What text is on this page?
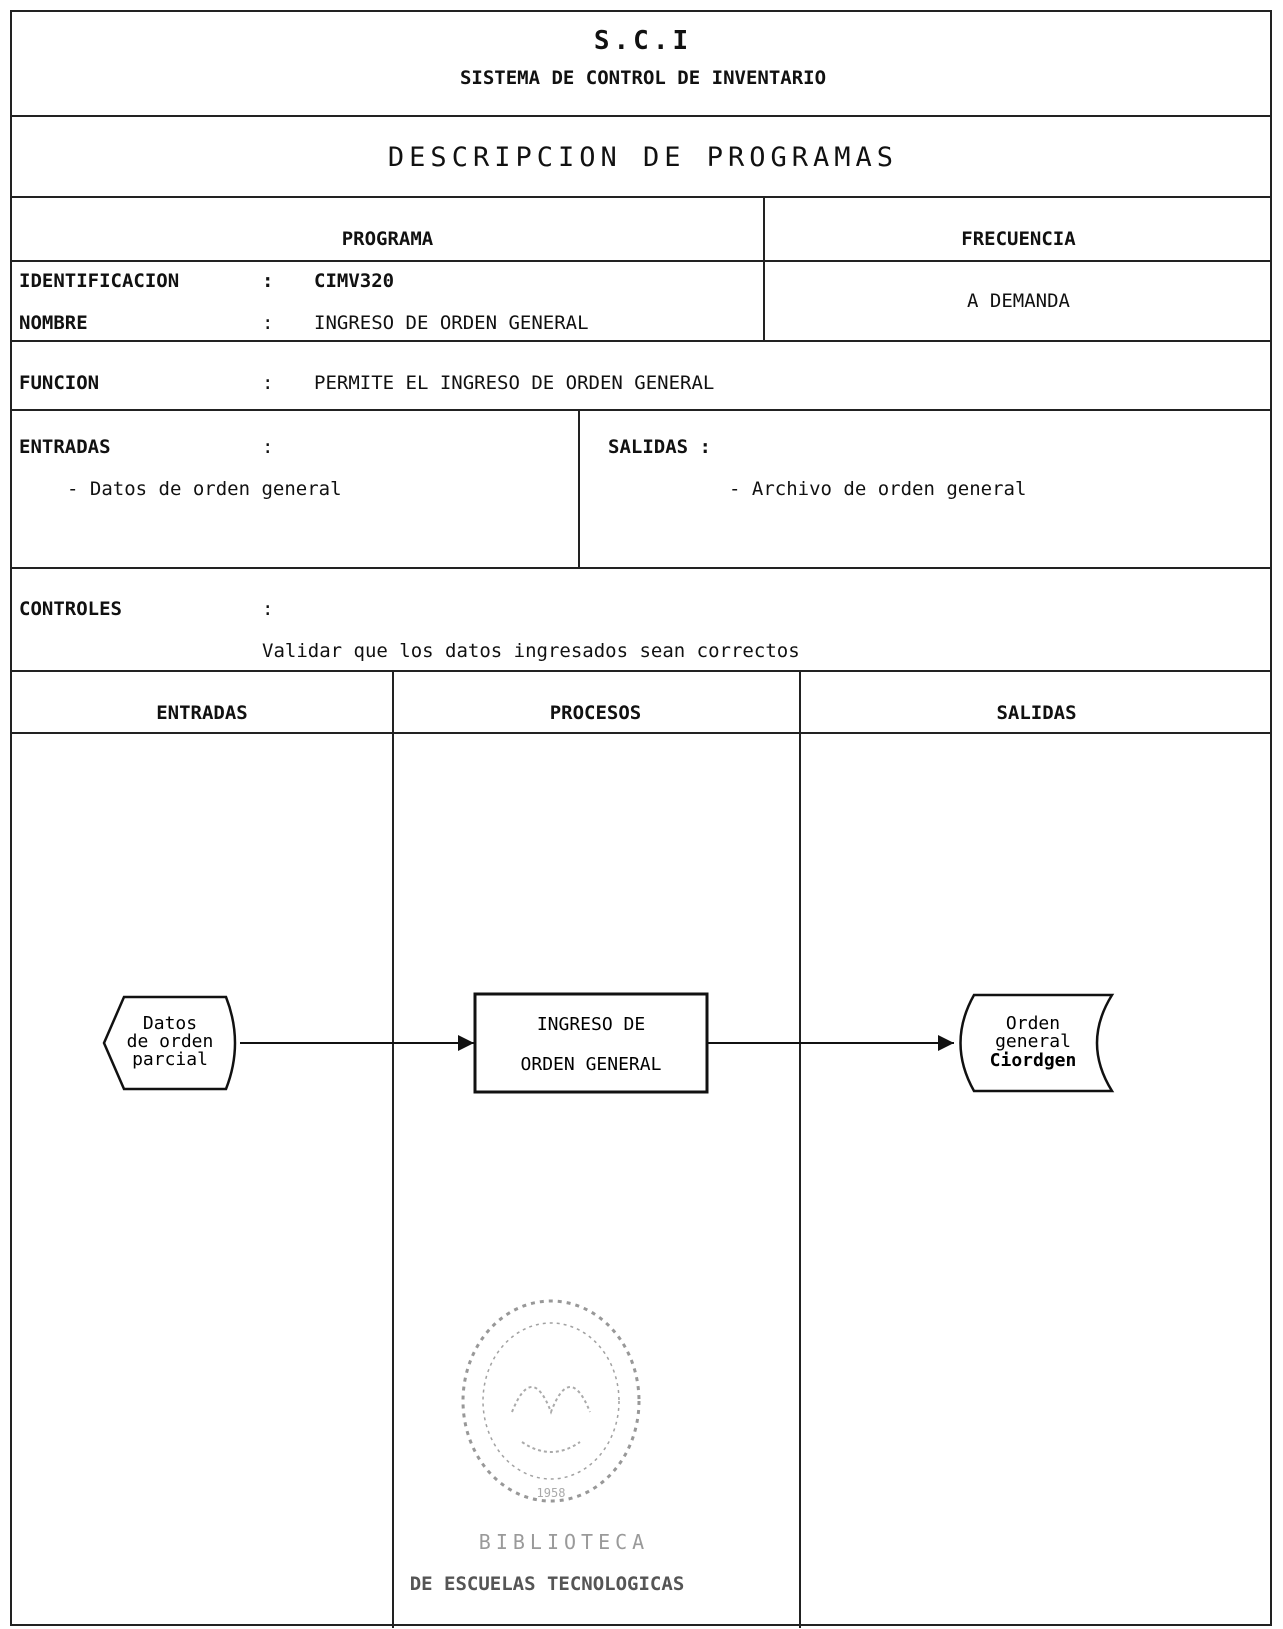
S.C.I
SISTEMA DE CONTROL DE INVENTARIO
DESCRIPCION DE PROGRAMAS
PROGRAMA	FRECUENCIA
IDENTIFICACION	: CIMV320
NOMBRE	: INGRESO DE ORDEN GENERAL
A DEMANDA
FUNCION	: PERMITE EL INGRESO DE ORDEN GENERAL
ENTRADAS	:
- Datos de orden general
SALIDAS :
- Archivo de orden general
CONTROLES	:
Validar que los datos ingresados sean correctos
ENTRADAS	PROCESOS	SALIDAS
Datos
de orden
parcial
INGRESO DE
ORDEN GENERAL
Orden
general
Ciordgen
1958
BIBLIOTECA
DE ESCUELAS TECNOLOGICAS
